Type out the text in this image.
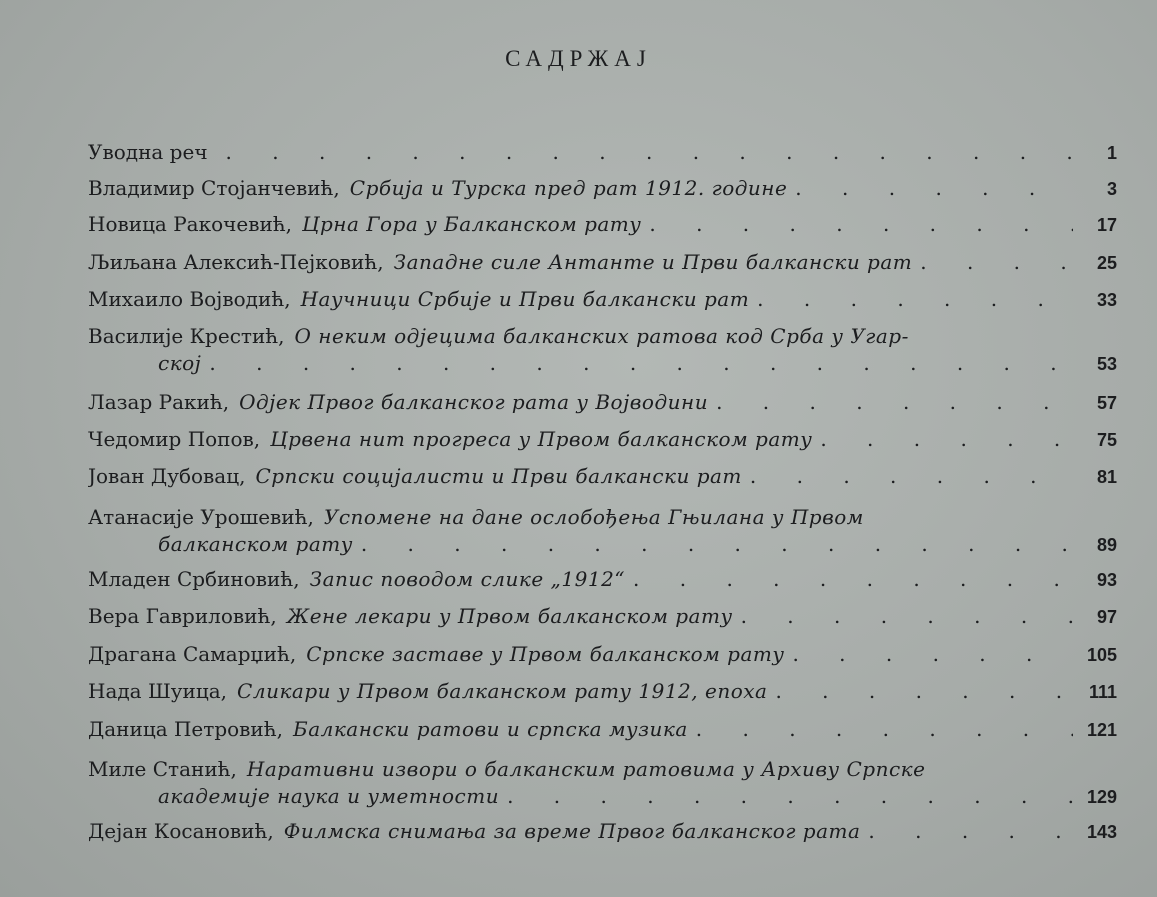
САДРЖАЈ
Уводна реч . . .	1
Владимир Стојанчевић, Србија и Турска пред рат 1912. године . . .	3
Новица Ракочевић, Црна Гора у Балканском рату . . .	17
Љиљана Алексић-Пејковић, Западне силе Антанте и Први балкански рат . . .	25
Михаило Војводић, Научници Србије и Први балкански рат . . .	33
Василије Крестић, О неким одјецима балканских ратова код Срба у Угар-
ској . . .	53
Лазар Ракић, Одјек Првог балканског рата у Војводини . . .	57
Чедомир Попов, Црвена нит прогреса у Првом балканском рату . . .	75
Јован Дубовац, Српски социјалисти и Први балкански рат . . .	81
Атанасије Урошевић, Успомене на дане ослобођења Гњилана у Првом
балканском рату . . .	89
Младен Србиновић, Запис поводом слике „1912“ . . .	93
Вера Гавриловић, Жене лекари у Првом балканском рату . . .	97
Драгана Самарџић, Српске заставе у Првом балканском рату . . .	105
Нада Шуица, Сликари у Првом балканском рату 1912, епоха . . .	111
Даница Петровић, Балкански ратови и српска музика . . .	121
Миле Станић, Наративни извори о балканским ратовима у Архиву Српске
академије наука и уметности . . .	129
Дејан Косановић, Филмска снимања за време Првог балканског рата . . .	143
